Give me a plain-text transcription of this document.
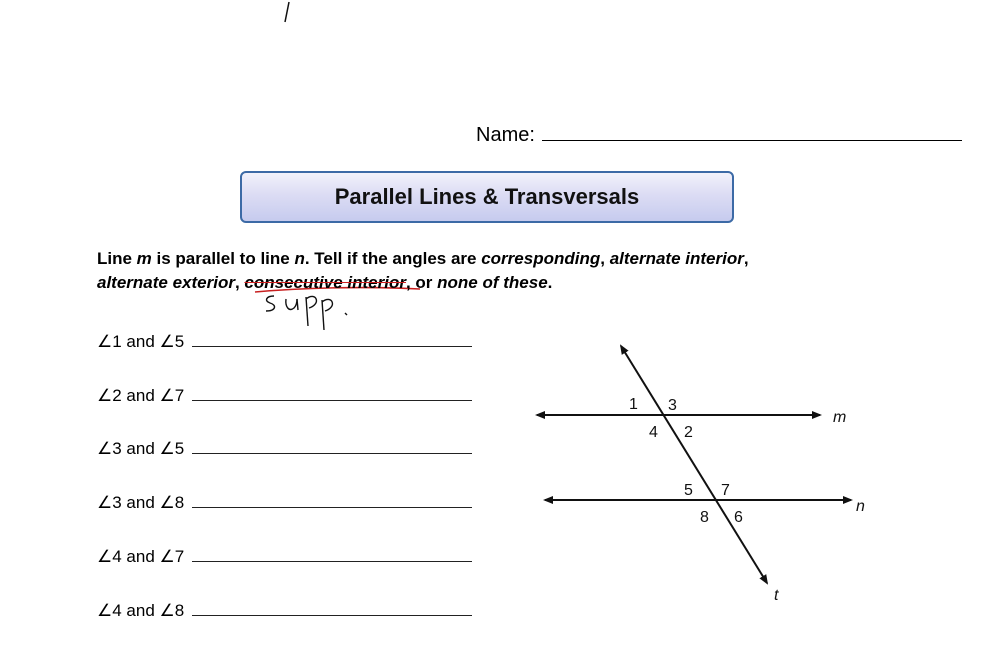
1 3
4 2
5 7
8 6
m
n
t
Name:
Parallel Lines & Transversals
Line m is parallel to line n. Tell if the angles are corresponding, alternate interior,
alternate exterior, consecutive interior, or none of these.
∠1 and ∠5
∠2 and ∠7
∠3 and ∠5
∠3 and ∠8
∠4 and ∠7
∠4 and ∠8
